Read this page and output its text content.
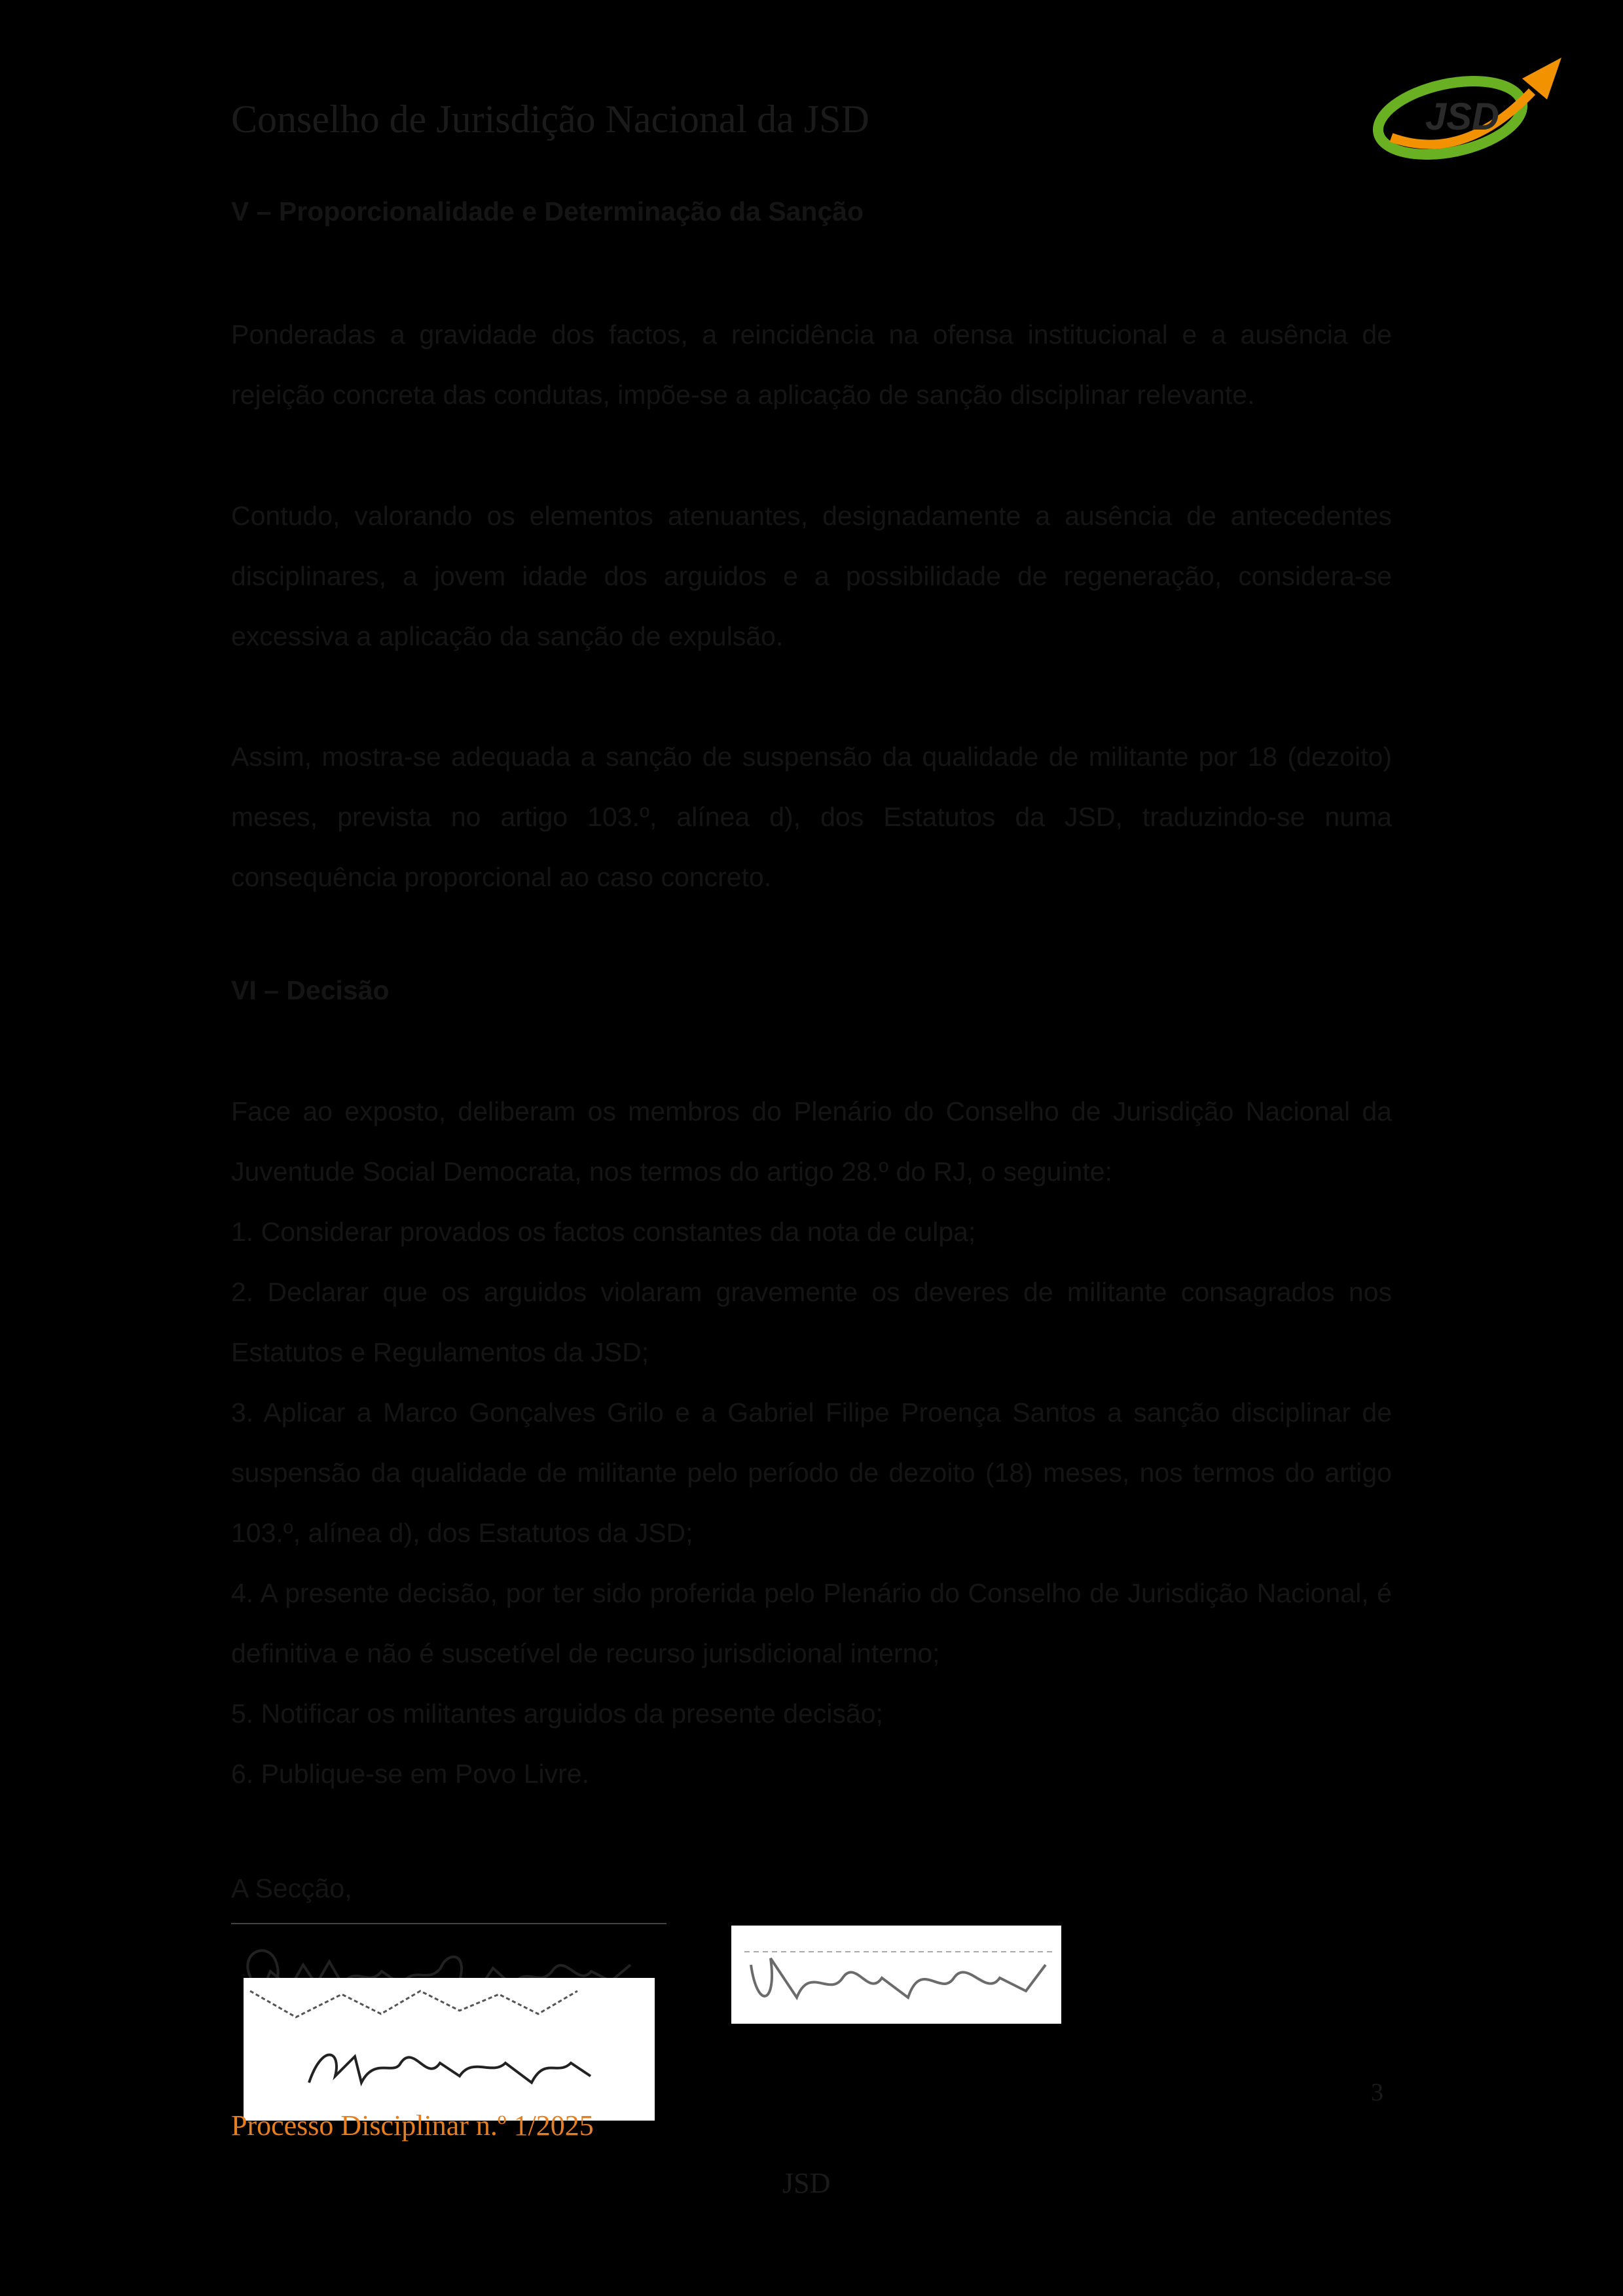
Conselho de Jurisdição Nacional da JSD	JSD
V – Proporcionalidade e Determinação da Sanção
Ponderadas a gravidade dos factos, a reincidência na ofensa institucional e a ausência de rejeição concreta das condutas, impõe-se a aplicação de sanção disciplinar relevante.
Contudo, valorando os elementos atenuantes, designadamente a ausência de antecedentes disciplinares, a jovem idade dos arguidos e a possibilidade de regeneração, considera-se excessiva a aplicação da sanção de expulsão.
Assim, mostra-se adequada a sanção de suspensão da qualidade de militante por 18 (dezoito) meses, prevista no artigo 103.º, alínea d), dos Estatutos da JSD, traduzindo-se numa consequência proporcional ao caso concreto.
VI – Decisão
Face ao exposto, deliberam os membros do Plenário do Conselho de Jurisdição Nacional da Juventude Social Democrata, nos termos do artigo 28.º do RJ, o seguinte:
1. Considerar provados os factos constantes da nota de culpa;
2. Declarar que os arguidos violaram gravemente os deveres de militante consagrados nos Estatutos e Regulamentos da JSD;
3. Aplicar a Marco Gonçalves Grilo e a Gabriel Filipe Proença Santos a sanção disciplinar de suspensão da qualidade de militante pelo período de dezoito (18) meses, nos termos do artigo 103.º, alínea d), dos Estatutos da JSD;
4. A presente decisão, por ter sido proferida pelo Plenário do Conselho de Jurisdição Nacional, é definitiva e não é suscetível de recurso jurisdicional interno;
5. Notificar os militantes arguidos da presente decisão;
6. Publique-se em Povo Livre.
A Secção,
Processo Disciplinar n.º 1/2025
3
JSD
